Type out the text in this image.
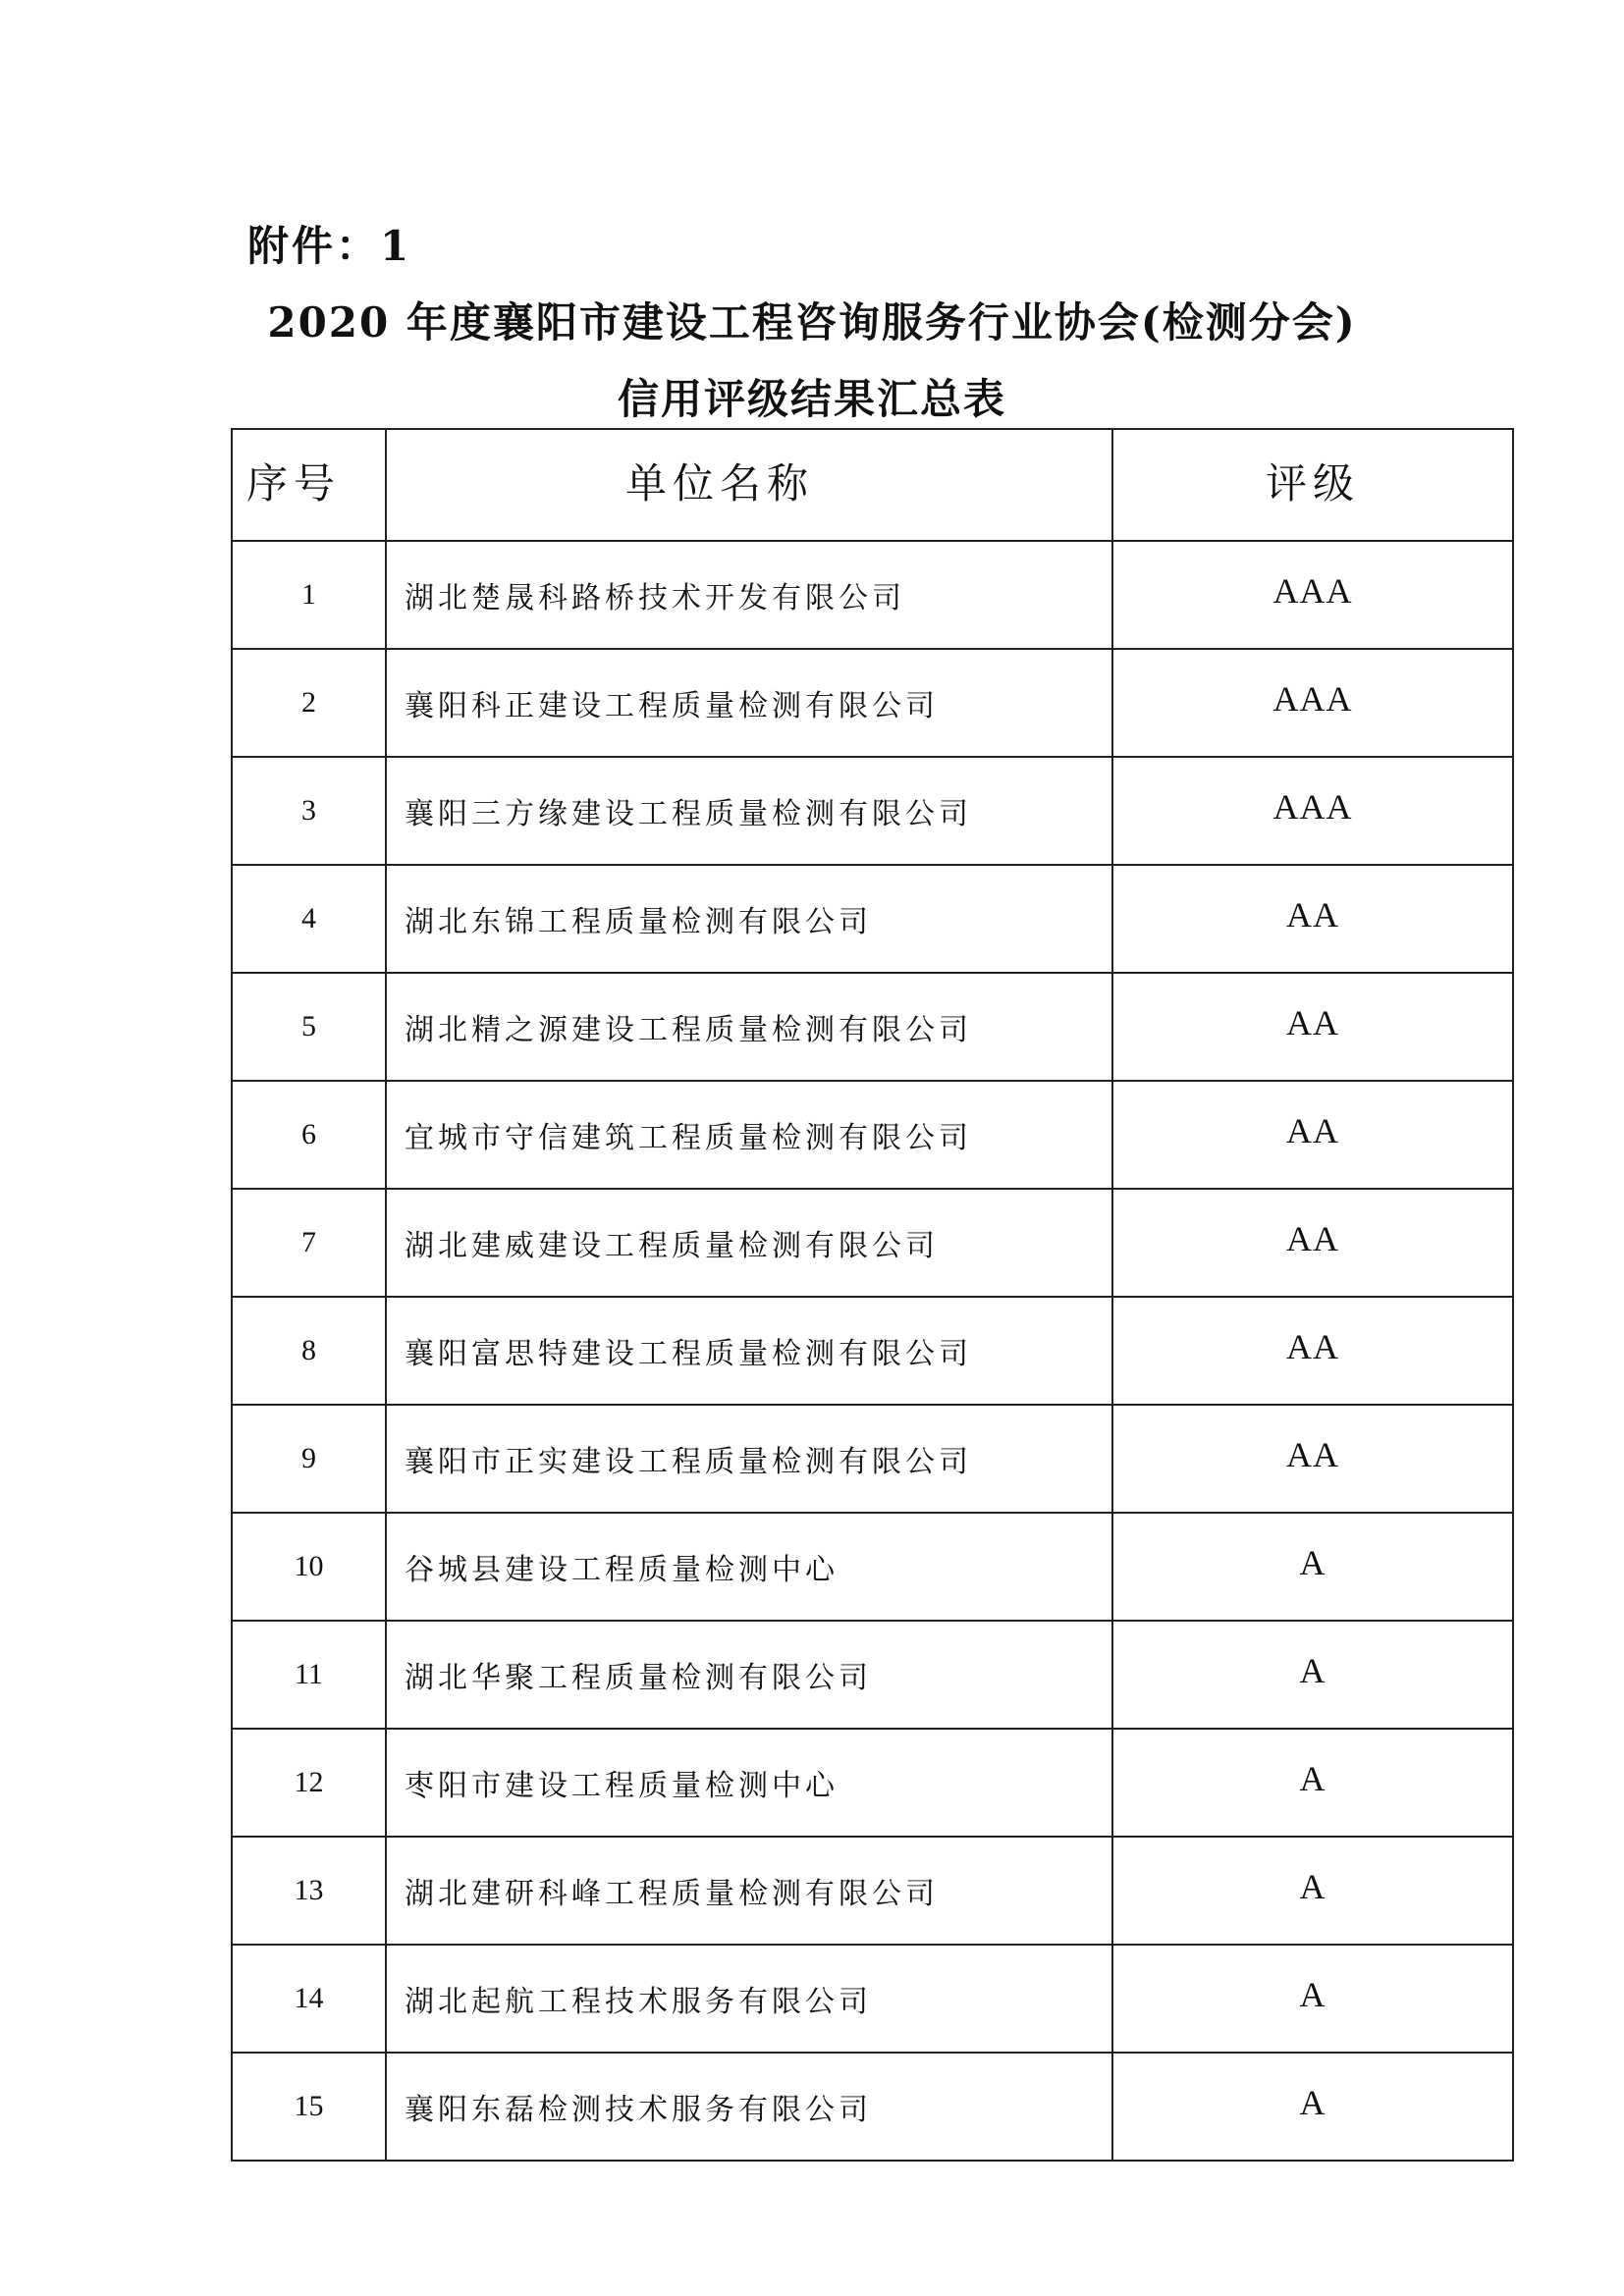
附件：1
2020 年度襄阳市建设工程咨询服务行业协会(检测分会)
信用评级结果汇总表
序号	单位名称	评级
1	湖北楚晟科路桥技术开发有限公司	AAA
2	襄阳科正建设工程质量检测有限公司	AAA
3	襄阳三方缘建设工程质量检测有限公司	AAA
4	湖北东锦工程质量检测有限公司	AA
5	湖北精之源建设工程质量检测有限公司	AA
6	宜城市守信建筑工程质量检测有限公司	AA
7	湖北建威建设工程质量检测有限公司	AA
8	襄阳富思特建设工程质量检测有限公司	AA
9	襄阳市正实建设工程质量检测有限公司	AA
10	谷城县建设工程质量检测中心	A
11	湖北华聚工程质量检测有限公司	A
12	枣阳市建设工程质量检测中心	A
13	湖北建研科峰工程质量检测有限公司	A
14	湖北起航工程技术服务有限公司	A
15	襄阳东磊检测技术服务有限公司	A
